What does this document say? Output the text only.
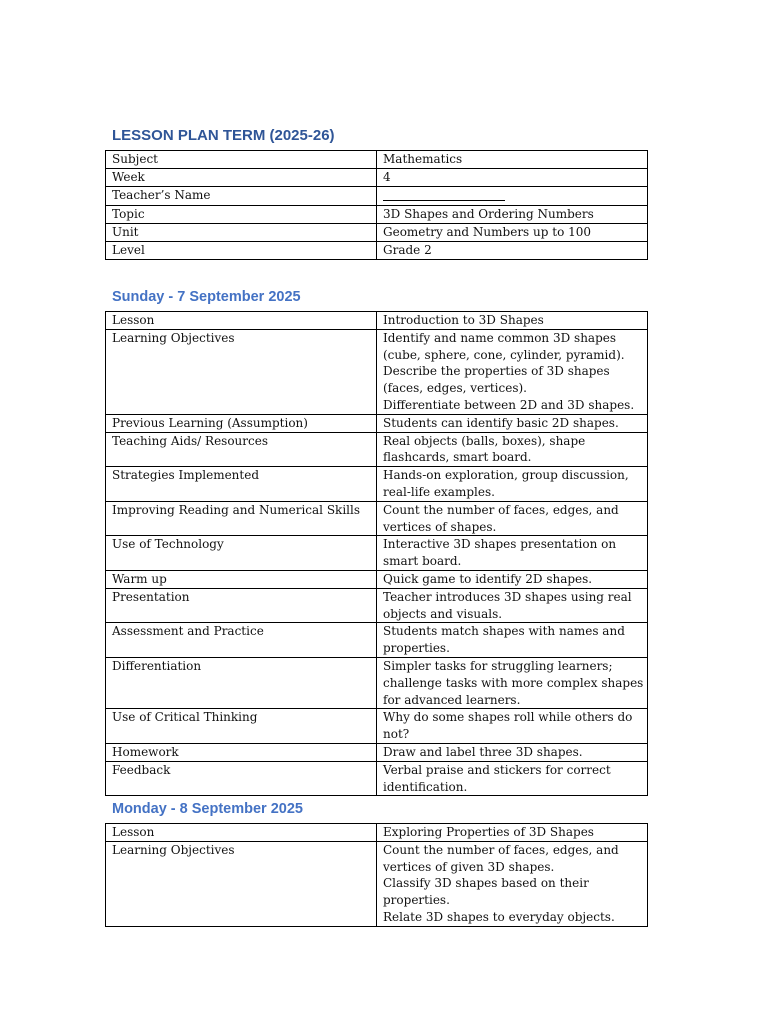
LESSON PLAN TERM (2025-26)
Subject	Mathematics

Week	4

Teacher’s Name	
Topic	3D Shapes and Ordering Numbers

Unit	Geometry and Numbers up to 100

Level	Grade 2
Sunday - 7 September 2025
Lesson	Introduction to 3D Shapes

Learning Objectives	Identify and name common 3D shapes
(cube, sphere, cone, cylinder, pyramid).
Describe the properties of 3D shapes
(faces, edges, vertices).
Differentiate between 2D and 3D shapes.

Previous Learning (Assumption)	Students can identify basic 2D shapes.

Teaching Aids/ Resources	Real objects (balls, boxes), shape
flashcards, smart board.

Strategies Implemented	Hands-on exploration, group discussion,
real-life examples.

Improving Reading and Numerical Skills	Count the number of faces, edges, and
vertices of shapes.

Use of Technology	Interactive 3D shapes presentation on
smart board.

Warm up	Quick game to identify 2D shapes.

Presentation	Teacher introduces 3D shapes using real
objects and visuals.

Assessment and Practice	Students match shapes with names and
properties.

Differentiation	Simpler tasks for struggling learners;
challenge tasks with more complex shapes
for advanced learners.

Use of Critical Thinking	Why do some shapes roll while others do
not?

Homework	Draw and label three 3D shapes.

Feedback	Verbal praise and stickers for correct
identification.
Monday - 8 September 2025
Lesson	Exploring Properties of 3D Shapes

Learning Objectives	Count the number of faces, edges, and
vertices of given 3D shapes.
Classify 3D shapes based on their
properties.
Relate 3D shapes to everyday objects.
